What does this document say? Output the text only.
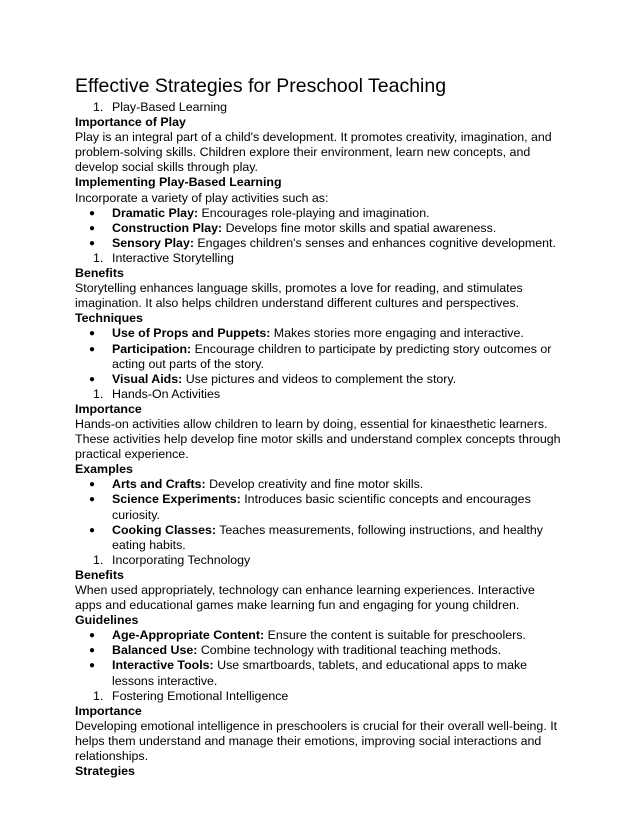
Effective Strategies for Preschool Teaching
1. Play-Based Learning
Importance of Play
Play is an integral part of a child's development. It promotes creativity, imagination, and problem-solving skills. Children explore their environment, learn new concepts, and develop social skills through play.
Implementing Play-Based Learning
Incorporate a variety of play activities such as:
● Dramatic Play: Encourages role-playing and imagination.
● Construction Play: Develops fine motor skills and spatial awareness.
● Sensory Play: Engages children's senses and enhances cognitive development.
1. Interactive Storytelling
Benefits
Storytelling enhances language skills, promotes a love for reading, and stimulates imagination. It also helps children understand different cultures and perspectives.
Techniques
● Use of Props and Puppets: Makes stories more engaging and interactive.
● Participation: Encourage children to participate by predicting story outcomes or acting out parts of the story.
● Visual Aids: Use pictures and videos to complement the story.
1. Hands-On Activities
Importance
Hands-on activities allow children to learn by doing, essential for kinaesthetic learners. These activities help develop fine motor skills and understand complex concepts through practical experience.
Examples
● Arts and Crafts: Develop creativity and fine motor skills.
● Science Experiments: Introduces basic scientific concepts and encourages curiosity.
● Cooking Classes: Teaches measurements, following instructions, and healthy eating habits.
1. Incorporating Technology
Benefits
When used appropriately, technology can enhance learning experiences. Interactive apps and educational games make learning fun and engaging for young children.
Guidelines
● Age-Appropriate Content: Ensure the content is suitable for preschoolers.
● Balanced Use: Combine technology with traditional teaching methods.
● Interactive Tools: Use smartboards, tablets, and educational apps to make lessons interactive.
1. Fostering Emotional Intelligence
Importance
Developing emotional intelligence in preschoolers is crucial for their overall well-being. It helps them understand and manage their emotions, improving social interactions and relationships.
Strategies
